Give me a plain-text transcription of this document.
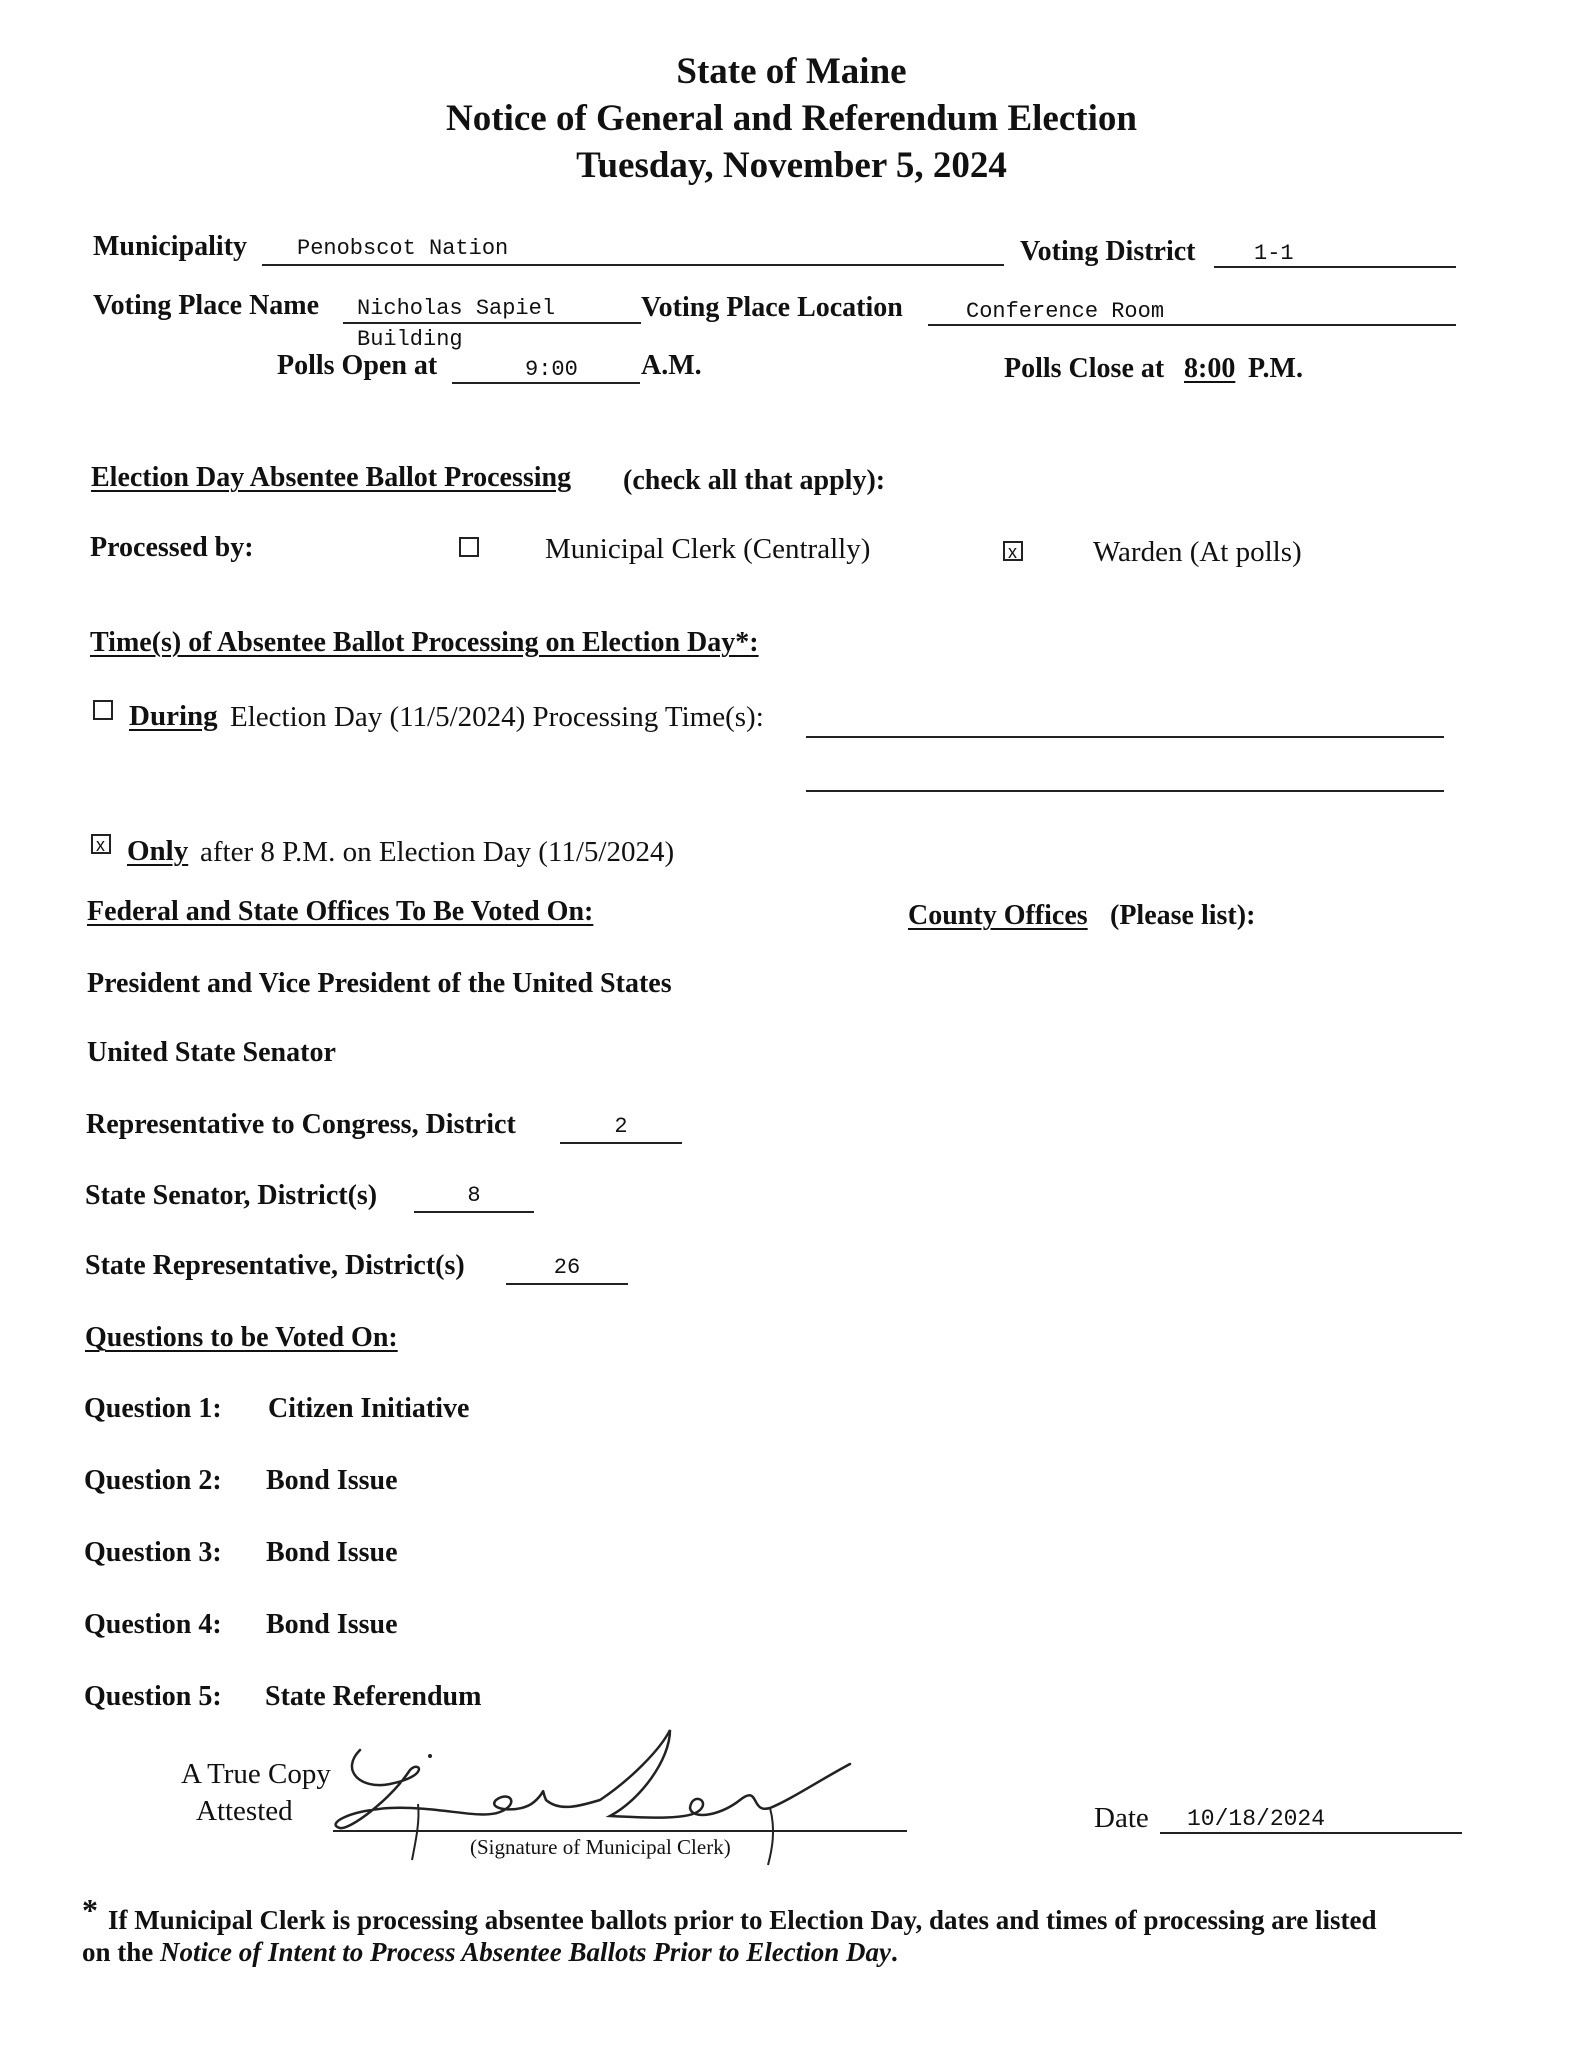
State of Maine
Notice of General and Referendum Election
Tuesday, November 5, 2024
Municipality Penobscot Nation	Voting District	1-1
Voting Place Name Nicholas Sapiel
Building
Voting Place Location	Conference Room
Polls Open at	9:00 A.M.	Polls Close at 8:00 P.M.
Election Day Absentee Ballot Processing (check all that apply):
Processed by:	Municipal Clerk (Centrally) x	Warden (At polls)
Time(s) of Absentee Ballot Processing on Election Day*:
During Election Day (11/5/2024) Processing Time(s):
x
Only after 8 P.M. on Election Day (11/5/2024)
Federal and State Offices To Be Voted On:	County Offices (Please list):
President and Vice President of the United States
United State Senator
Representative to Congress, District	2
State Senator, District(s)	8
State Representative, District(s)	26
Questions to be Voted On:
Question 1: Citizen Initiative
Question 2: Bond Issue
Question 3: Bond Issue
Question 4: Bond Issue
Question 5: State Referendum
A True Copy
Attested
(Signature of Municipal Clerk)
Date 10/18/2024
* If Municipal Clerk is processing absentee ballots prior to Election Day, dates and times of processing are listed
on the Notice of Intent to Process Absentee Ballots Prior to Election Day.
